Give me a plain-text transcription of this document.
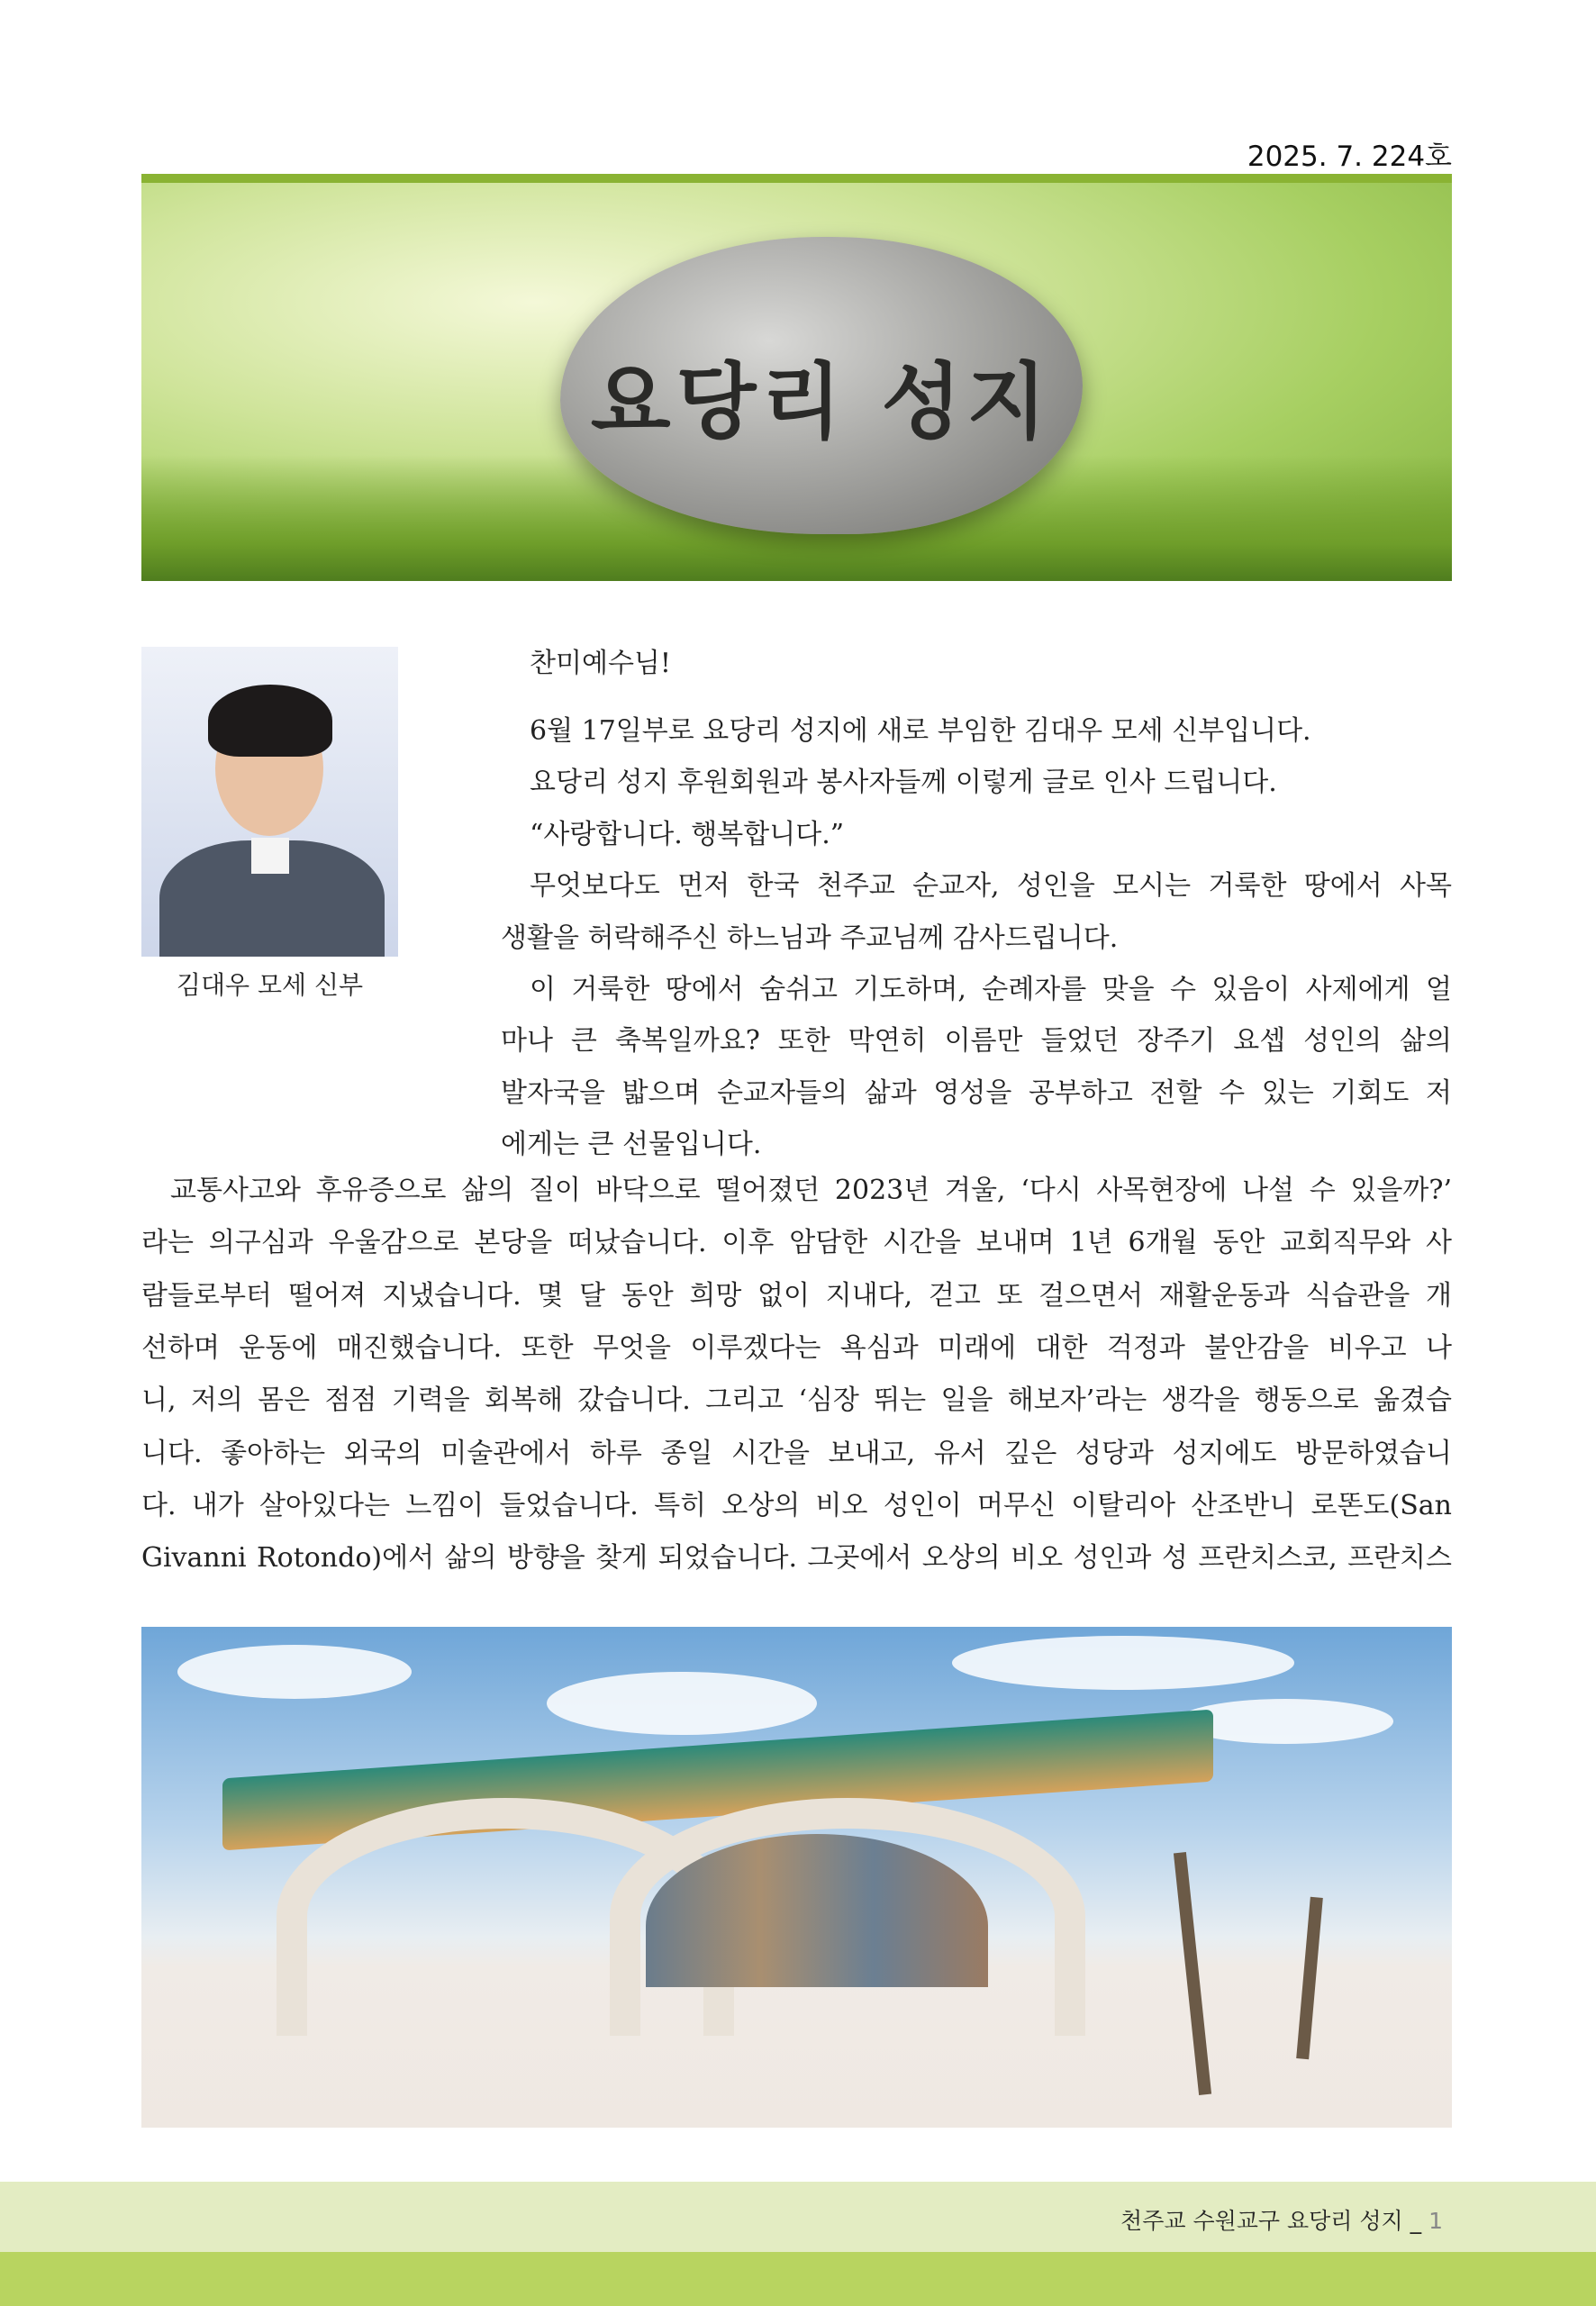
2025. 7. 224호
요당리 성지
김대우 모세 신부
찬미예수님!
6월 17일부로 요당리 성지에 새로 부임한 김대우 모세 신부입니다.
요당리 성지 후원회원과 봉사자들께 이렇게 글로 인사 드립니다.
“사랑합니다. 행복합니다.”
무엇보다도 먼저 한국 천주교 순교자, 성인을 모시는 거룩한 땅에서 사목
생활을 허락해주신 하느님과 주교님께 감사드립니다.
이 거룩한 땅에서 숨쉬고 기도하며, 순례자를 맞을 수 있음이 사제에게 얼
마나 큰 축복일까요? 또한 막연히 이름만 들었던 장주기 요셉 성인의 삶의
발자국을 밟으며 순교자들의 삶과 영성을 공부하고 전할 수 있는 기회도 저
에게는 큰 선물입니다.
교통사고와 후유증으로 삶의 질이 바닥으로 떨어졌던 2023년 겨울, ‘다시 사목현장에 나설 수 있을까?’
라는 의구심과 우울감으로 본당을 떠났습니다. 이후 암담한 시간을 보내며 1년 6개월 동안 교회직무와 사
람들로부터 떨어져 지냈습니다. 몇 달 동안 희망 없이 지내다, 걷고 또 걸으면서 재활운동과 식습관을 개
선하며 운동에 매진했습니다. 또한 무엇을 이루겠다는 욕심과 미래에 대한 걱정과 불안감을 비우고 나
니, 저의 몸은 점점 기력을 회복해 갔습니다. 그리고 ‘심장 뛰는 일을 해보자’라는 생각을 행동으로 옮겼습
니다. 좋아하는 외국의 미술관에서 하루 종일 시간을 보내고, 유서 깊은 성당과 성지에도 방문하였습니
다. 내가 살아있다는 느낌이 들었습니다. 특히 오상의 비오 성인이 머무신 이탈리아 산조반니 로똔도(San
Givanni Rotondo)에서 삶의 방향을 찾게 되었습니다. 그곳에서 오상의 비오 성인과 성 프란치스코, 프란치스
천주교 수원교구 요당리 성지 _ 1
